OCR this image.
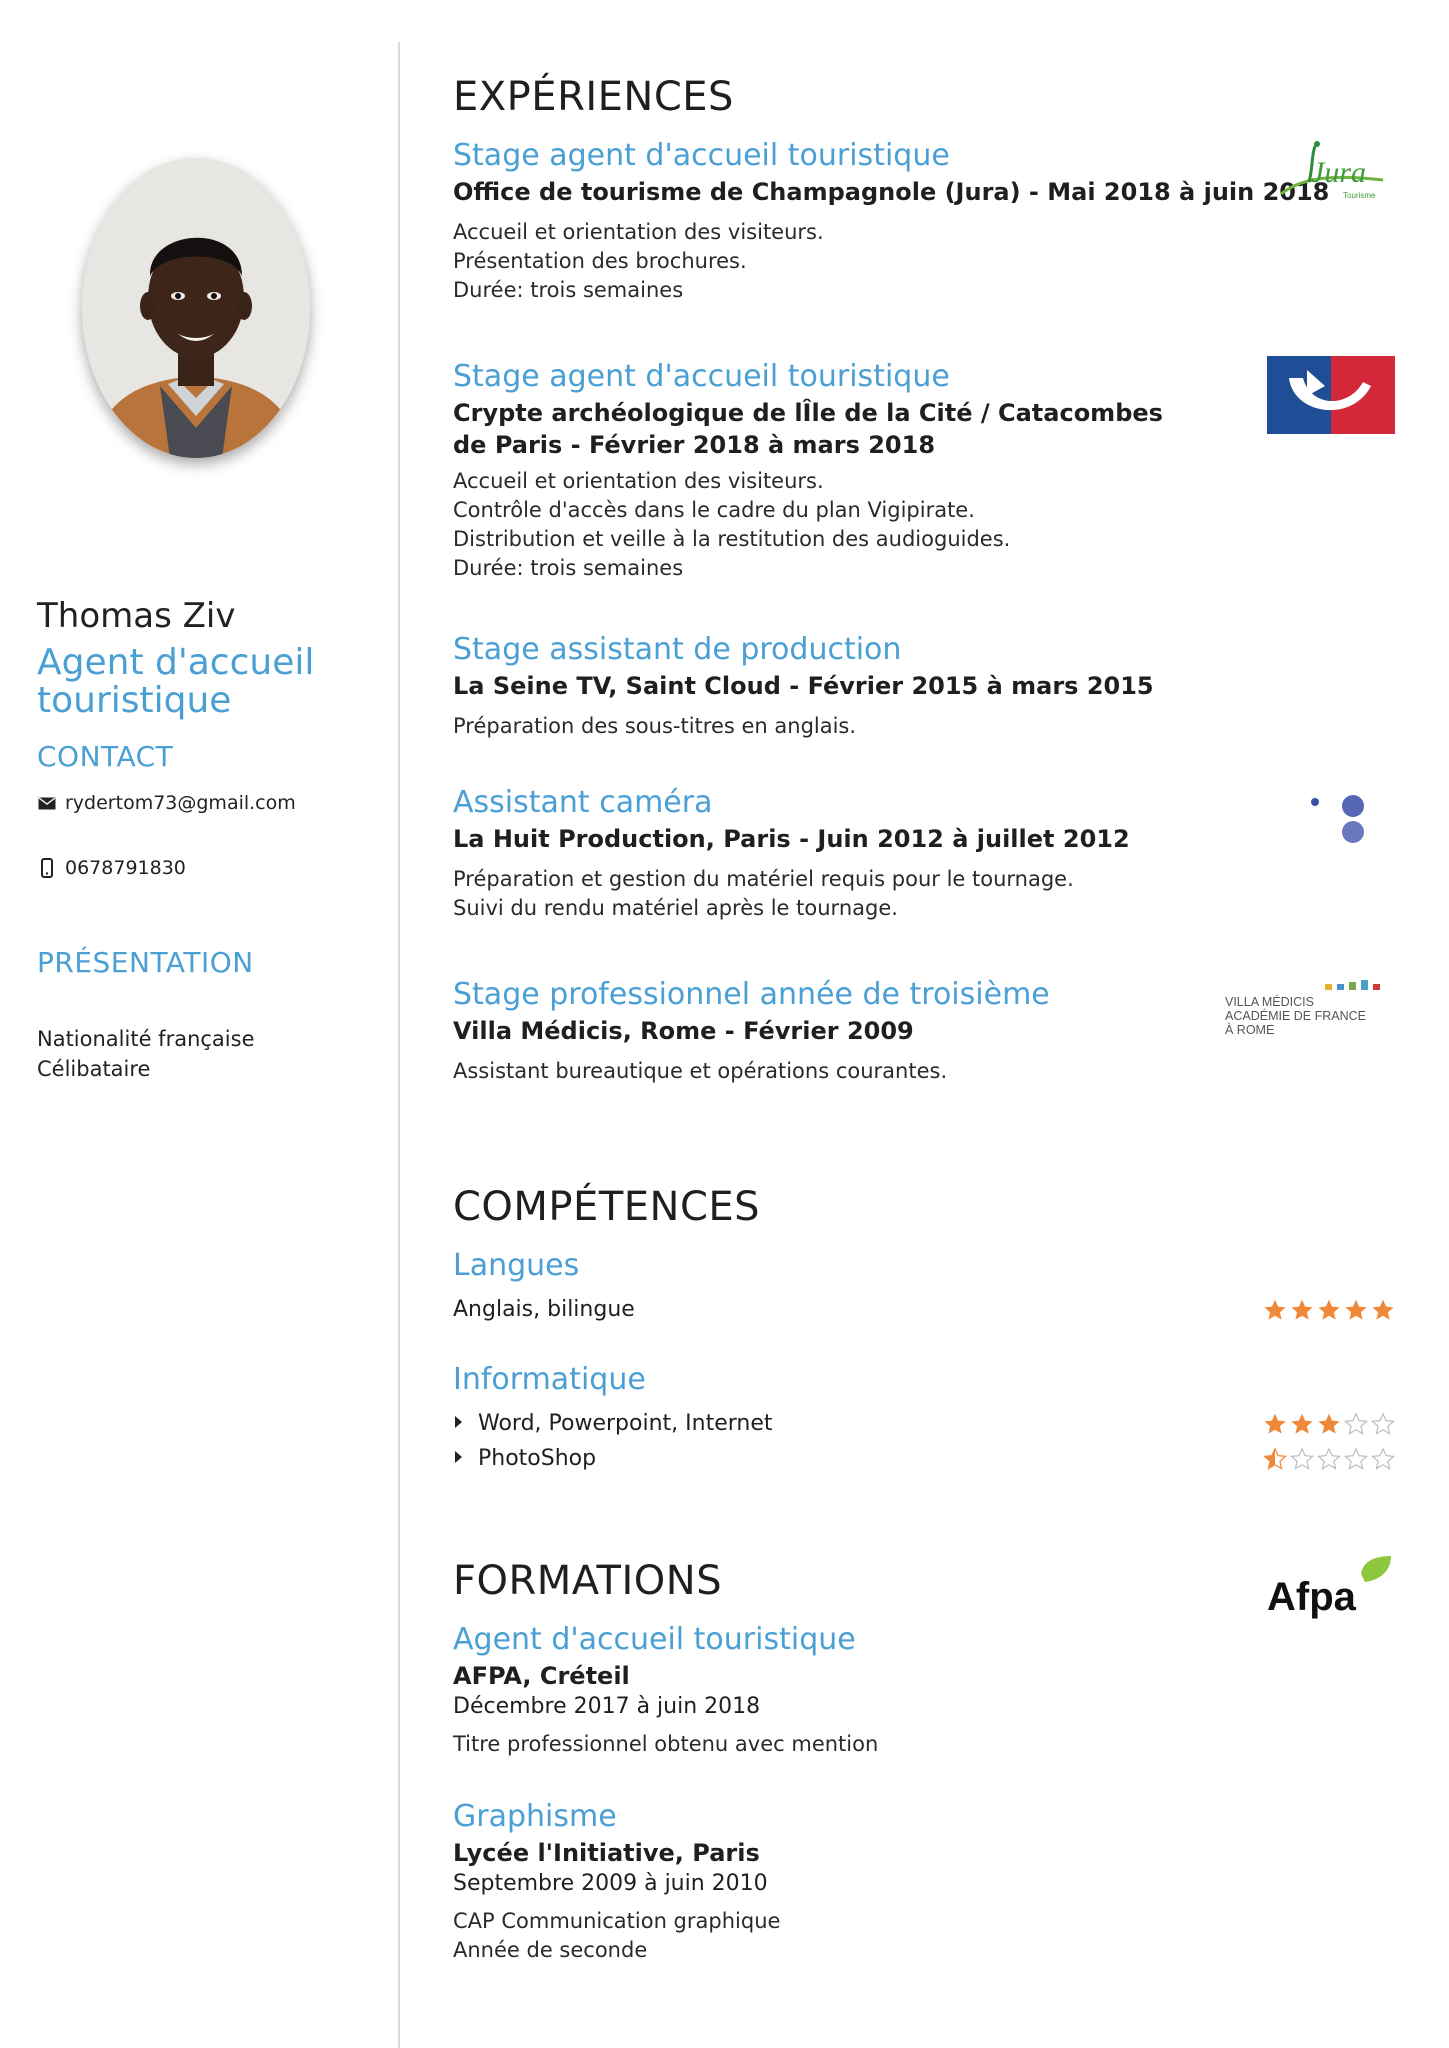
Thomas Ziv
Agent d'accueil touristique
CONTACT
rydertom73@gmail.com
0678791830
PRÉSENTATION
Nationalité française
Célibataire
EXPÉRIENCES
Stage agent d'accueil touristique
Office de tourisme de Champagnole (Jura) - Mai 2018 à juin 2018
Accueil et orientation des visiteurs.
Présentation des brochures.
Durée: trois semaines
Stage agent d'accueil touristique
Crypte archéologique de lÎle de la Cité / Catacombes de Paris - Février 2018 à mars 2018
Accueil et orientation des visiteurs.
Contrôle d'accès dans le cadre du plan Vigipirate.
Distribution et veille à la restitution des audioguides.
Durée: trois semaines
Stage assistant de production
La Seine TV, Saint Cloud - Février 2015 à mars 2015
Préparation des sous-titres en anglais.
Assistant caméra
La Huit Production, Paris - Juin 2012 à juillet 2012
Préparation et gestion du matériel requis pour le tournage.
Suivi du rendu matériel après le tournage.
Stage professionnel année de troisième
Villa Médicis, Rome - Février 2009
Assistant bureautique et opérations courantes.
Jura
Tourisme
VILLA MÉDICIS
ACADÉMIE DE FRANCE
À ROME
COMPÉTENCES
Langues
Anglais, bilingue
Informatique
Word, Powerpoint, Internet
PhotoShop
FORMATIONS	Afpa
Agent d'accueil touristique
AFPA, Créteil
Décembre 2017 à juin 2018
Titre professionnel obtenu avec mention
Graphisme
Lycée l'Initiative, Paris
Septembre 2009 à juin 2010
CAP Communication graphique
Année de seconde
